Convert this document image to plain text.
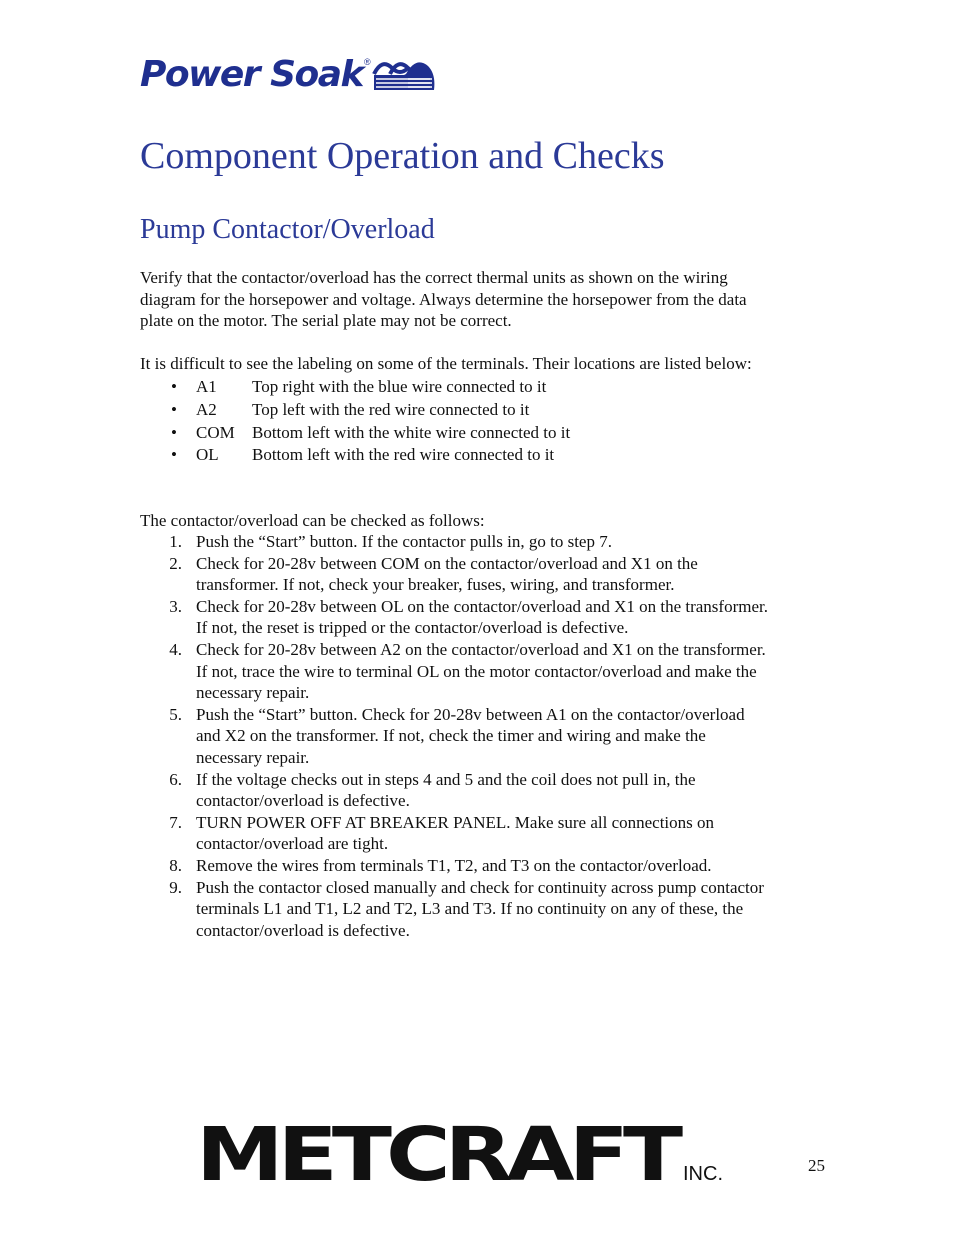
Power Soak ®
Component Operation and Checks
Pump Contactor/Overload
Verify that the contactor/overload has the correct thermal units as shown on the wiring
diagram for the horsepower and voltage. Always determine the horsepower from the data
plate on the motor. The serial plate may not be correct.

It is difficult to see the labeling on some of the terminals. Their locations are listed below:

•	A1	Top right with the blue wire connected to it
•	A2	Top left with the red wire connected to it
•	COM	Bottom left with the white wire connected to it
•	OL	Bottom left with the red wire connected to it

The contactor/overload can be checked as follows:

1. Push the “Start” button. If the contactor pulls in, go to step 7.
2. Check for 20-28v between COM on the contactor/overload and X1 on the
transformer. If not, check your breaker, fuses, wiring, and transformer.
3. Check for 20-28v between OL on the contactor/overload and X1 on the transformer.
If not, the reset is tripped or the contactor/overload is defective.
4. Check for 20-28v between A2 on the contactor/overload and X1 on the transformer.
If not, trace the wire to terminal OL on the motor contactor/overload and make the
necessary repair.
5. Push the “Start” button. Check for 20-28v between A1 on the contactor/overload
and X2 on the transformer. If not, check the timer and wiring and make the
necessary repair.
6. If the voltage checks out in steps 4 and 5 and the coil does not pull in, the
contactor/overload is defective.
7. TURN POWER OFF AT BREAKER PANEL. Make sure all connections on
contactor/overload are tight.
8. Remove the wires from terminals T1, T2, and T3 on the contactor/overload.
9. Push the contactor closed manually and check for continuity across pump contactor
terminals L1 and T1, L2 and T2, L3 and T3. If no continuity on any of these, the
contactor/overload is defective.
METCRAFT INC.	25
